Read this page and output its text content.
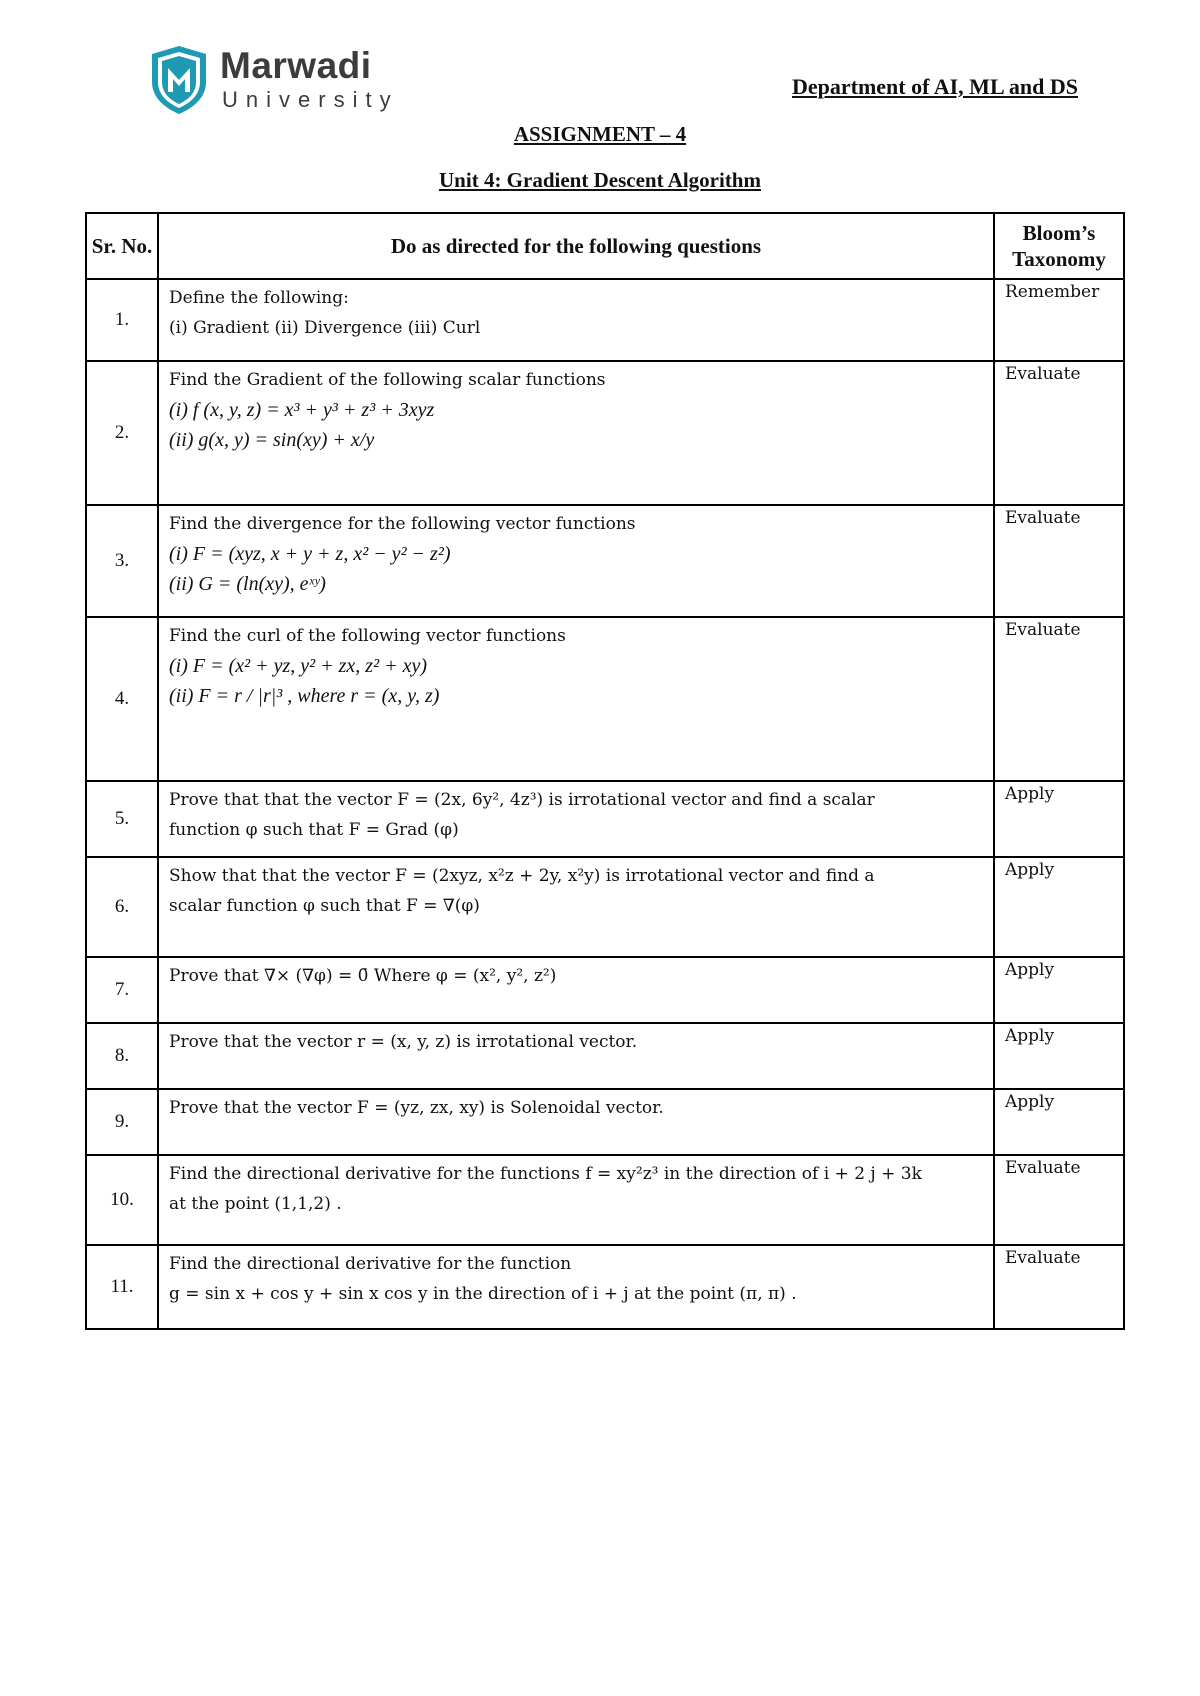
Marwadi
University
Department of AI, ML and DS
ASSIGNMENT – 4
Unit 4: Gradient Descent Algorithm
Sr. No.	Do as directed for the following questions	Bloom’s Taxonomy
1.	Define the following:
(i) Gradient (ii) Divergence (iii) Curl	Remember
2.	Find the Gradient of the following scalar functions
(i) f (x, y, z) = x³ + y³ + z³ + 3xyz
(ii) g(x, y) = sin(xy) + x/y	Evaluate
3.	Find the divergence for the following vector functions
(i) F = (xyz, x + y + z, x² − y² − z²)
(ii) G = (ln(xy), eˣʸ)	Evaluate
4.	Find the curl of the following vector functions
(i) F = (x² + yz, y² + zx, z² + xy)
(ii) F = r / |r|³ , where r = (x, y, z)	Evaluate
5.	Prove that that the vector F = (2x, 6y², 4z³) is irrotational vector and find a scalar
function φ such that F = Grad (φ)	Apply
6.	Show that that the vector F = (2xyz, x²z + 2y, x²y) is irrotational vector and find a
scalar function φ such that F = ∇(φ)	Apply
7.	Prove that ∇× (∇φ) = 0̄ Where φ = (x², y², z²)	Apply
8.	Prove that the vector r = (x, y, z) is irrotational vector.	Apply
9.	Prove that the vector F = (yz, zx, xy) is Solenoidal vector.	Apply
10.	Find the directional derivative for the functions f = xy²z³ in the direction of i + 2 j + 3k
at the point (1,1,2) .	Evaluate
11.	Find the directional derivative for the function
g = sin x + cos y + sin x cos y in the direction of i + j at the point (π, π) .	Evaluate
